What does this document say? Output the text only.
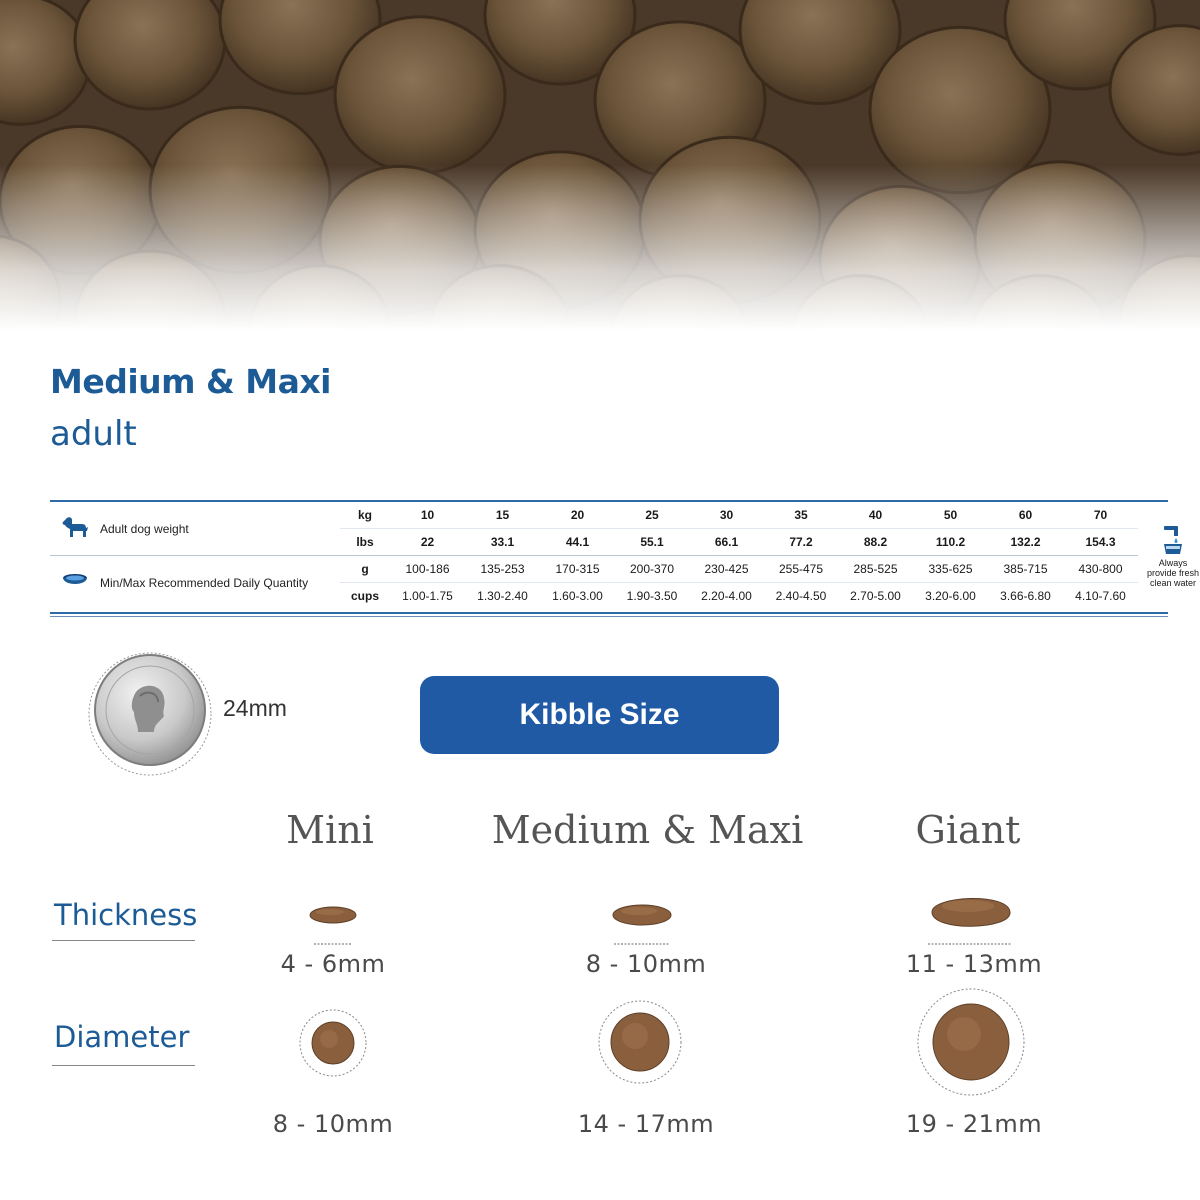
Medium & Maxi
adult
	Adult dog weight	kg	10	15	20	25	30	35	40	50	60	70	Always provide fresh clean water

		lbs	22	33.1	44.1	55.1	66.1	77.2	88.2	110.2	132.2	154.3	
	Min/Max Recommended Daily Quantity	g	100-186	135-253	170-315	200-370	230-425	255-475	285-525	335-625	385-715	430-800	
		cups	1.00-1.75	1.30-2.40	1.60-3.00	1.90-3.50	2.20-4.00	2.40-4.50	2.70-5.00	3.20-6.00	3.66-6.80	4.10-7.60	
24mm	Kibble Size
Mini	Medium & Maxi	Giant
Thickness
4 - 6mm	8 - 10mm	11 - 13mm
Diameter
8 - 10mm	14 - 17mm	19 - 21mm
